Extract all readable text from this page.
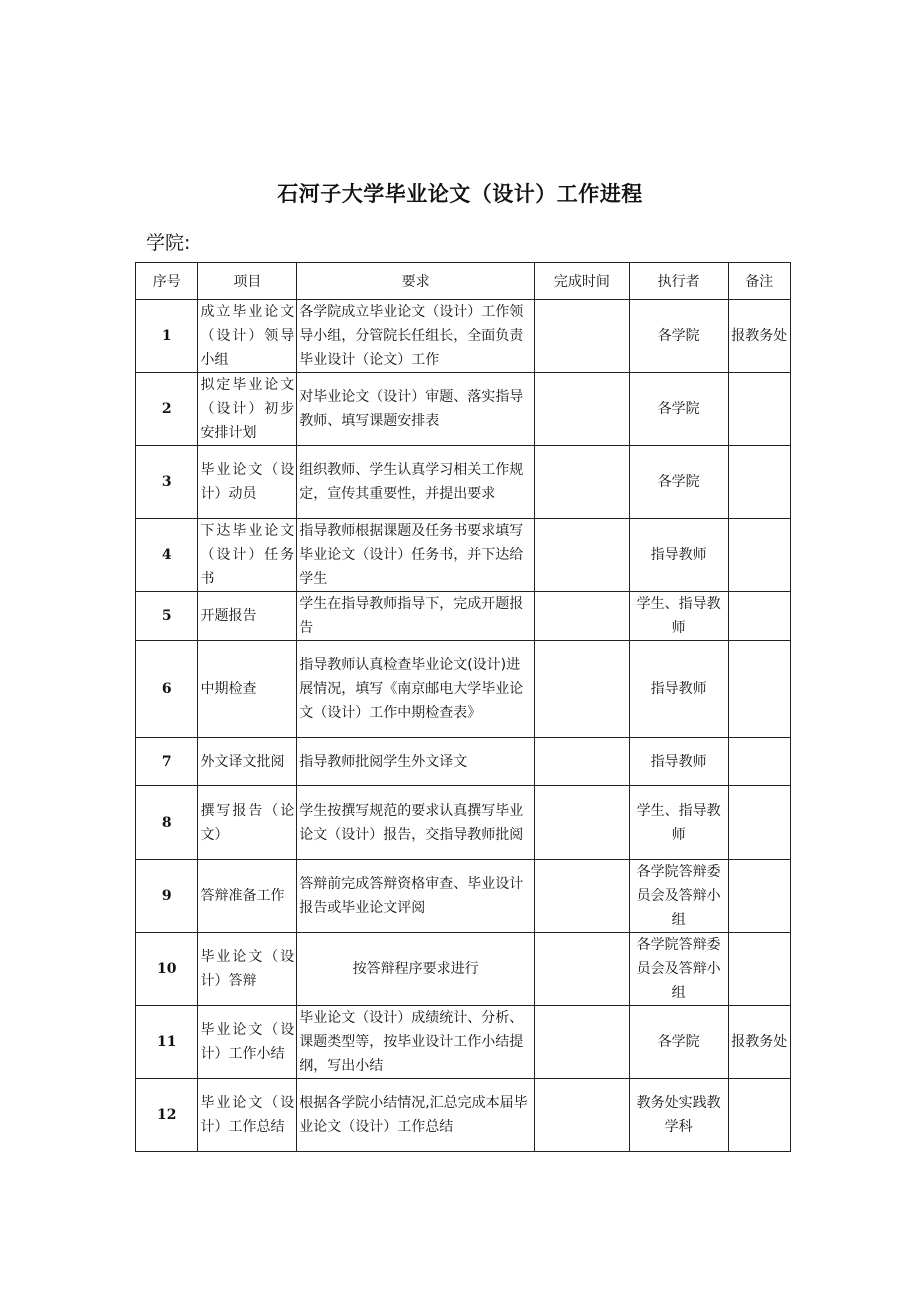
石河子大学毕业论文（设计）工作进程
学院:
序号	项目	要求	完成时间	执行者	备注
1	成立毕业论文（设计）领导小组	各学院成立毕业论文（设计）工作领导小组，分管院长任组长，全面负责毕业设计（论文）工作		各学院	报教务处
2	拟定毕业论文（设计）初步安排计划	对毕业论文（设计）审题、落实指导教师、填写课题安排表		各学院	
3	毕业论文（设计）动员	组织教师、学生认真学习相关工作规定，宣传其重要性，并提出要求		各学院	
4	下达毕业论文（设计）任务书	指导教师根据课题及任务书要求填写毕业论文（设计）任务书，并下达给学生		指导教师	
5	开题报告	学生在指导教师指导下，完成开题报告		学生、指导教师	
6	中期检查	指导教师认真检查毕业论文(设计)进展情况，填写《南京邮电大学毕业论文（设计）工作中期检查表》		指导教师	
7	外文译文批阅	指导教师批阅学生外文译文		指导教师	
8	撰写报告（论文）	学生按撰写规范的要求认真撰写毕业论文（设计）报告，交指导教师批阅		学生、指导教师	
9	答辩准备工作	答辩前完成答辩资格审查、毕业设计报告或毕业论文评阅		各学院答辩委员会及答辩小组	
10	毕业论文（设计）答辩	按答辩程序要求进行		各学院答辩委员会及答辩小组	
11	毕业论文（设计）工作小结	毕业论文（设计）成绩统计、分析、课题类型等，按毕业设计工作小结提纲，写出小结		各学院	报教务处
12	毕业论文（设计）工作总结	根据各学院小结情况,汇总完成本届毕业论文（设计）工作总结		教务处实践教学科	
